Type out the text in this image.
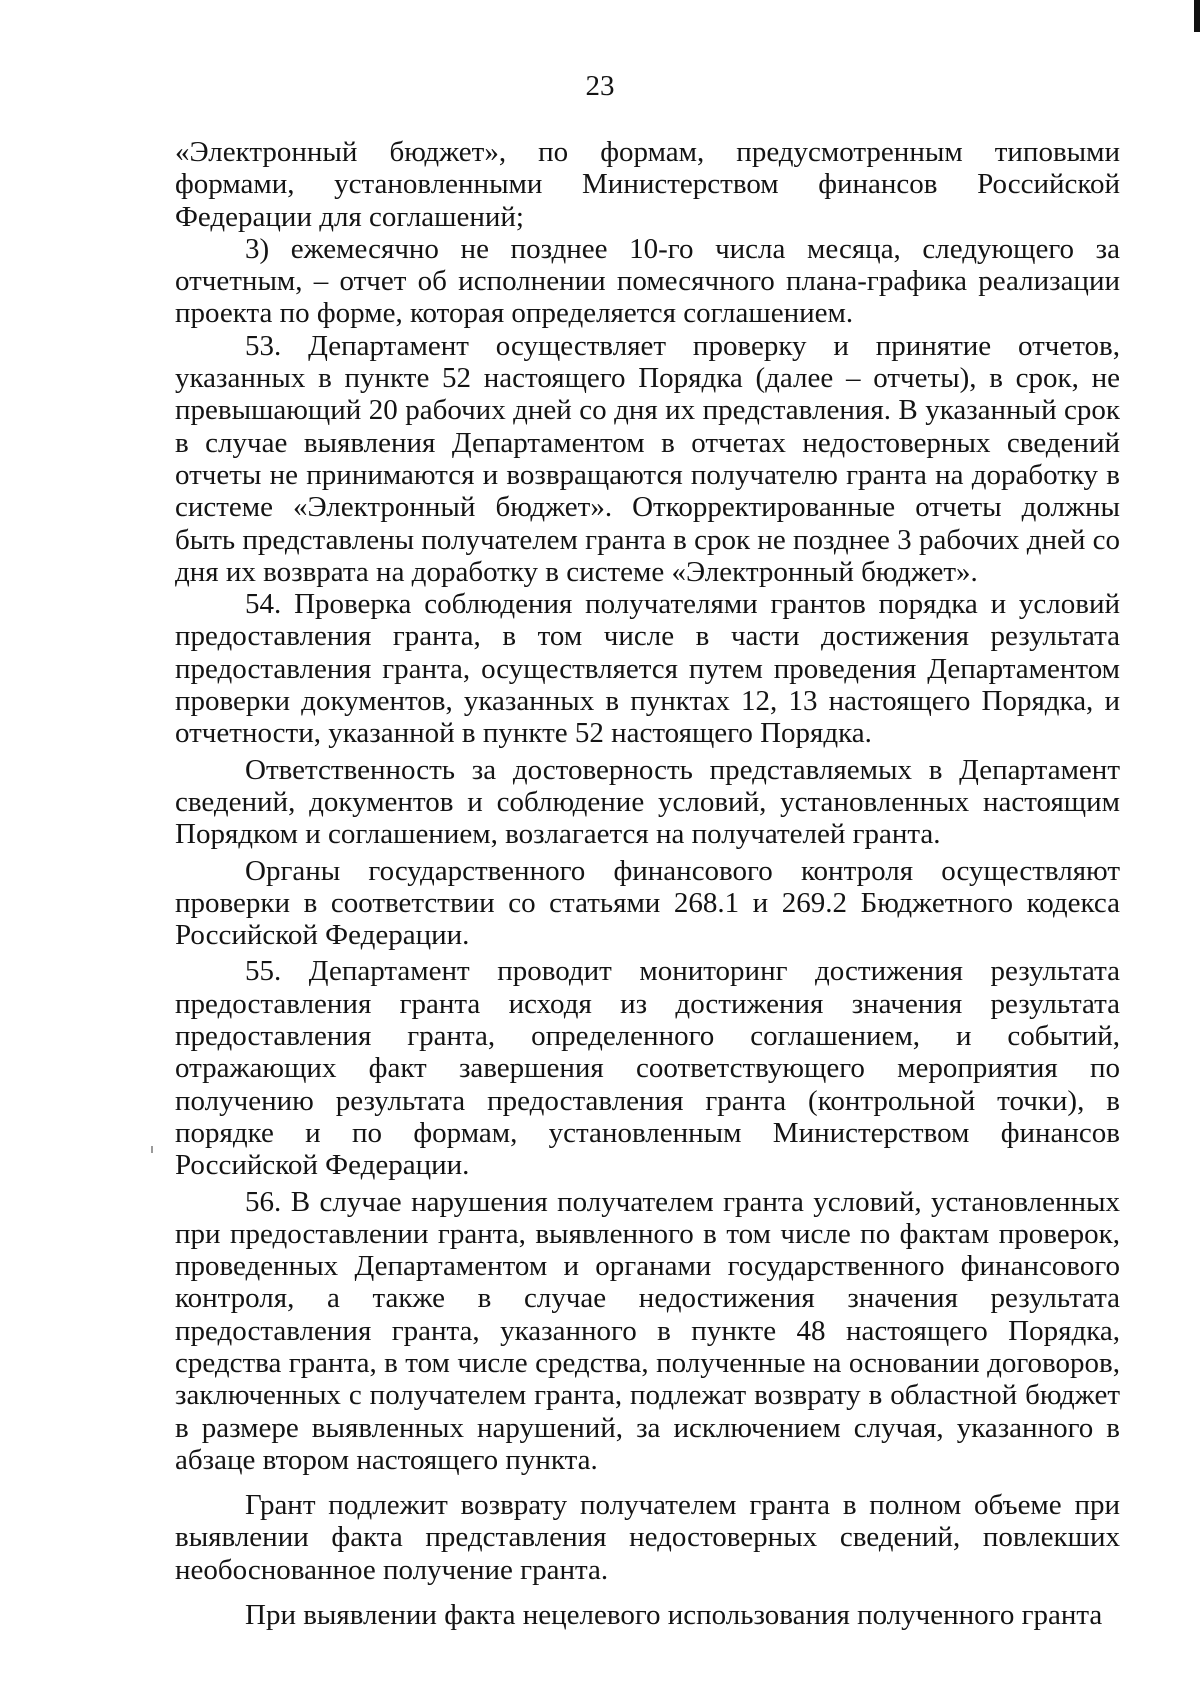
23

«Электронный бюджет», по формам, предусмотренным типовыми формами, установленными Министерством финансов Российской Федерации для соглашений;

3) ежемесячно не позднее 10-го числа месяца, следующего за отчетным, – отчет об исполнении помесячного плана-графика реализации проекта по форме, которая определяется соглашением.

53. Департамент осуществляет проверку и принятие отчетов, указанных в пункте 52 настоящего Порядка (далее – отчеты), в срок, не превышающий 20 рабочих дней со дня их представления. В указанный срок в случае выявления Департаментом в отчетах недостоверных сведений отчеты не принимаются и возвращаются получателю гранта на доработку в системе «Электронный бюджет». Откорректированные отчеты должны быть представлены получателем гранта в срок не позднее 3 рабочих дней со дня их возврата на доработку в системе «Электронный бюджет».

54. Проверка соблюдения получателями грантов порядка и условий предоставления гранта, в том числе в части достижения результата предоставления гранта, осуществляется путем проведения Департаментом проверки документов, указанных в пунктах 12, 13 настоящего Порядка, и отчетности, указанной в пункте 52 настоящего Порядка.

Ответственность за достоверность представляемых в Департамент сведений, документов и соблюдение условий, установленных настоящим Порядком и соглашением, возлагается на получателей гранта.

Органы государственного финансового контроля осуществляют проверки в соответствии со статьями 268.1 и 269.2 Бюджетного кодекса Российской Федерации.

55. Департамент проводит мониторинг достижения результата предоставления гранта исходя из достижения значения результата предоставления гранта, определенного соглашением, и событий, отражающих факт завершения соответствующего мероприятия по получению результата предоставления гранта (контрольной точки), в порядке и по формам, установленным Министерством финансов Российской Федерации.

56. В случае нарушения получателем гранта условий, установленных при предоставлении гранта, выявленного в том числе по фактам проверок, проведенных Департаментом и органами государственного финансового контроля, а также в случае недостижения значения результата предоставления гранта, указанного в пункте 48 настоящего Порядка, средства гранта, в том числе средства, полученные на основании договоров, заключенных с получателем гранта, подлежат возврату в областной бюджет в размере выявленных нарушений, за исключением случая, указанного в абзаце втором настоящего пункта.

Грант подлежит возврату получателем гранта в полном объеме при выявлении факта представления недостоверных сведений, повлекших необоснованное получение гранта.

При выявлении факта нецелевого использования полученного гранта
